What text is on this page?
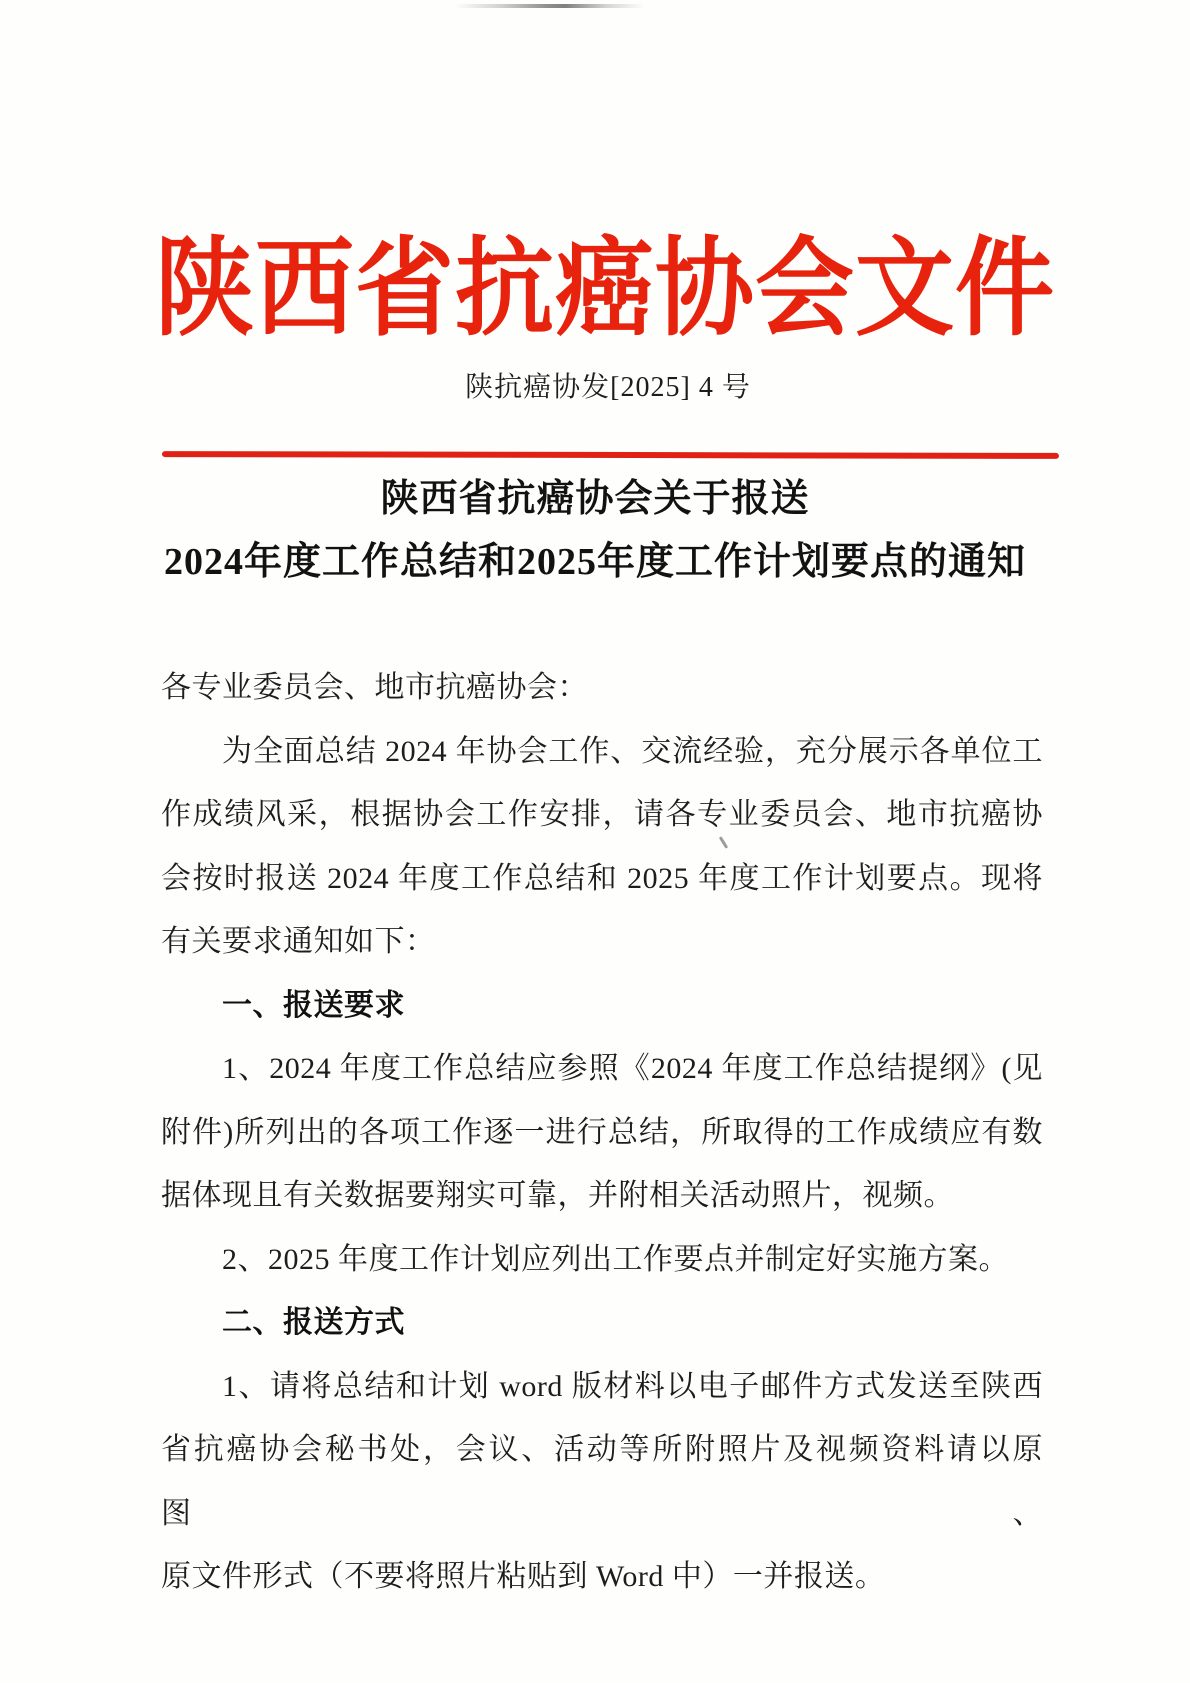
陕西省抗癌协会文件
陕抗癌协发[2025] 4 号
陕西省抗癌协会关于报送
2024年度工作总结和2025年度工作计划要点的通知
各专业委员会、地市抗癌协会：
为全面总结 2024 年协会工作、交流经验，充分展示各单位工
作成绩风采，根据协会工作安排，请各专业委员会、地市抗癌协
会按时报送 2024 年度工作总结和 2025 年度工作计划要点。现将
有关要求通知如下：
一、报送要求
1、2024 年度工作总结应参照《2024 年度工作总结提纲》(见
附件)所列出的各项工作逐一进行总结，所取得的工作成绩应有数
据体现且有关数据要翔实可靠，并附相关活动照片，视频。
2、2025 年度工作计划应列出工作要点并制定好实施方案。
二、报送方式
1、请将总结和计划 word 版材料以电子邮件方式发送至陕西
省抗癌协会秘书处，会议、活动等所附照片及视频资料请以原图、
原文件形式（不要将照片粘贴到 Word 中）一并报送。
